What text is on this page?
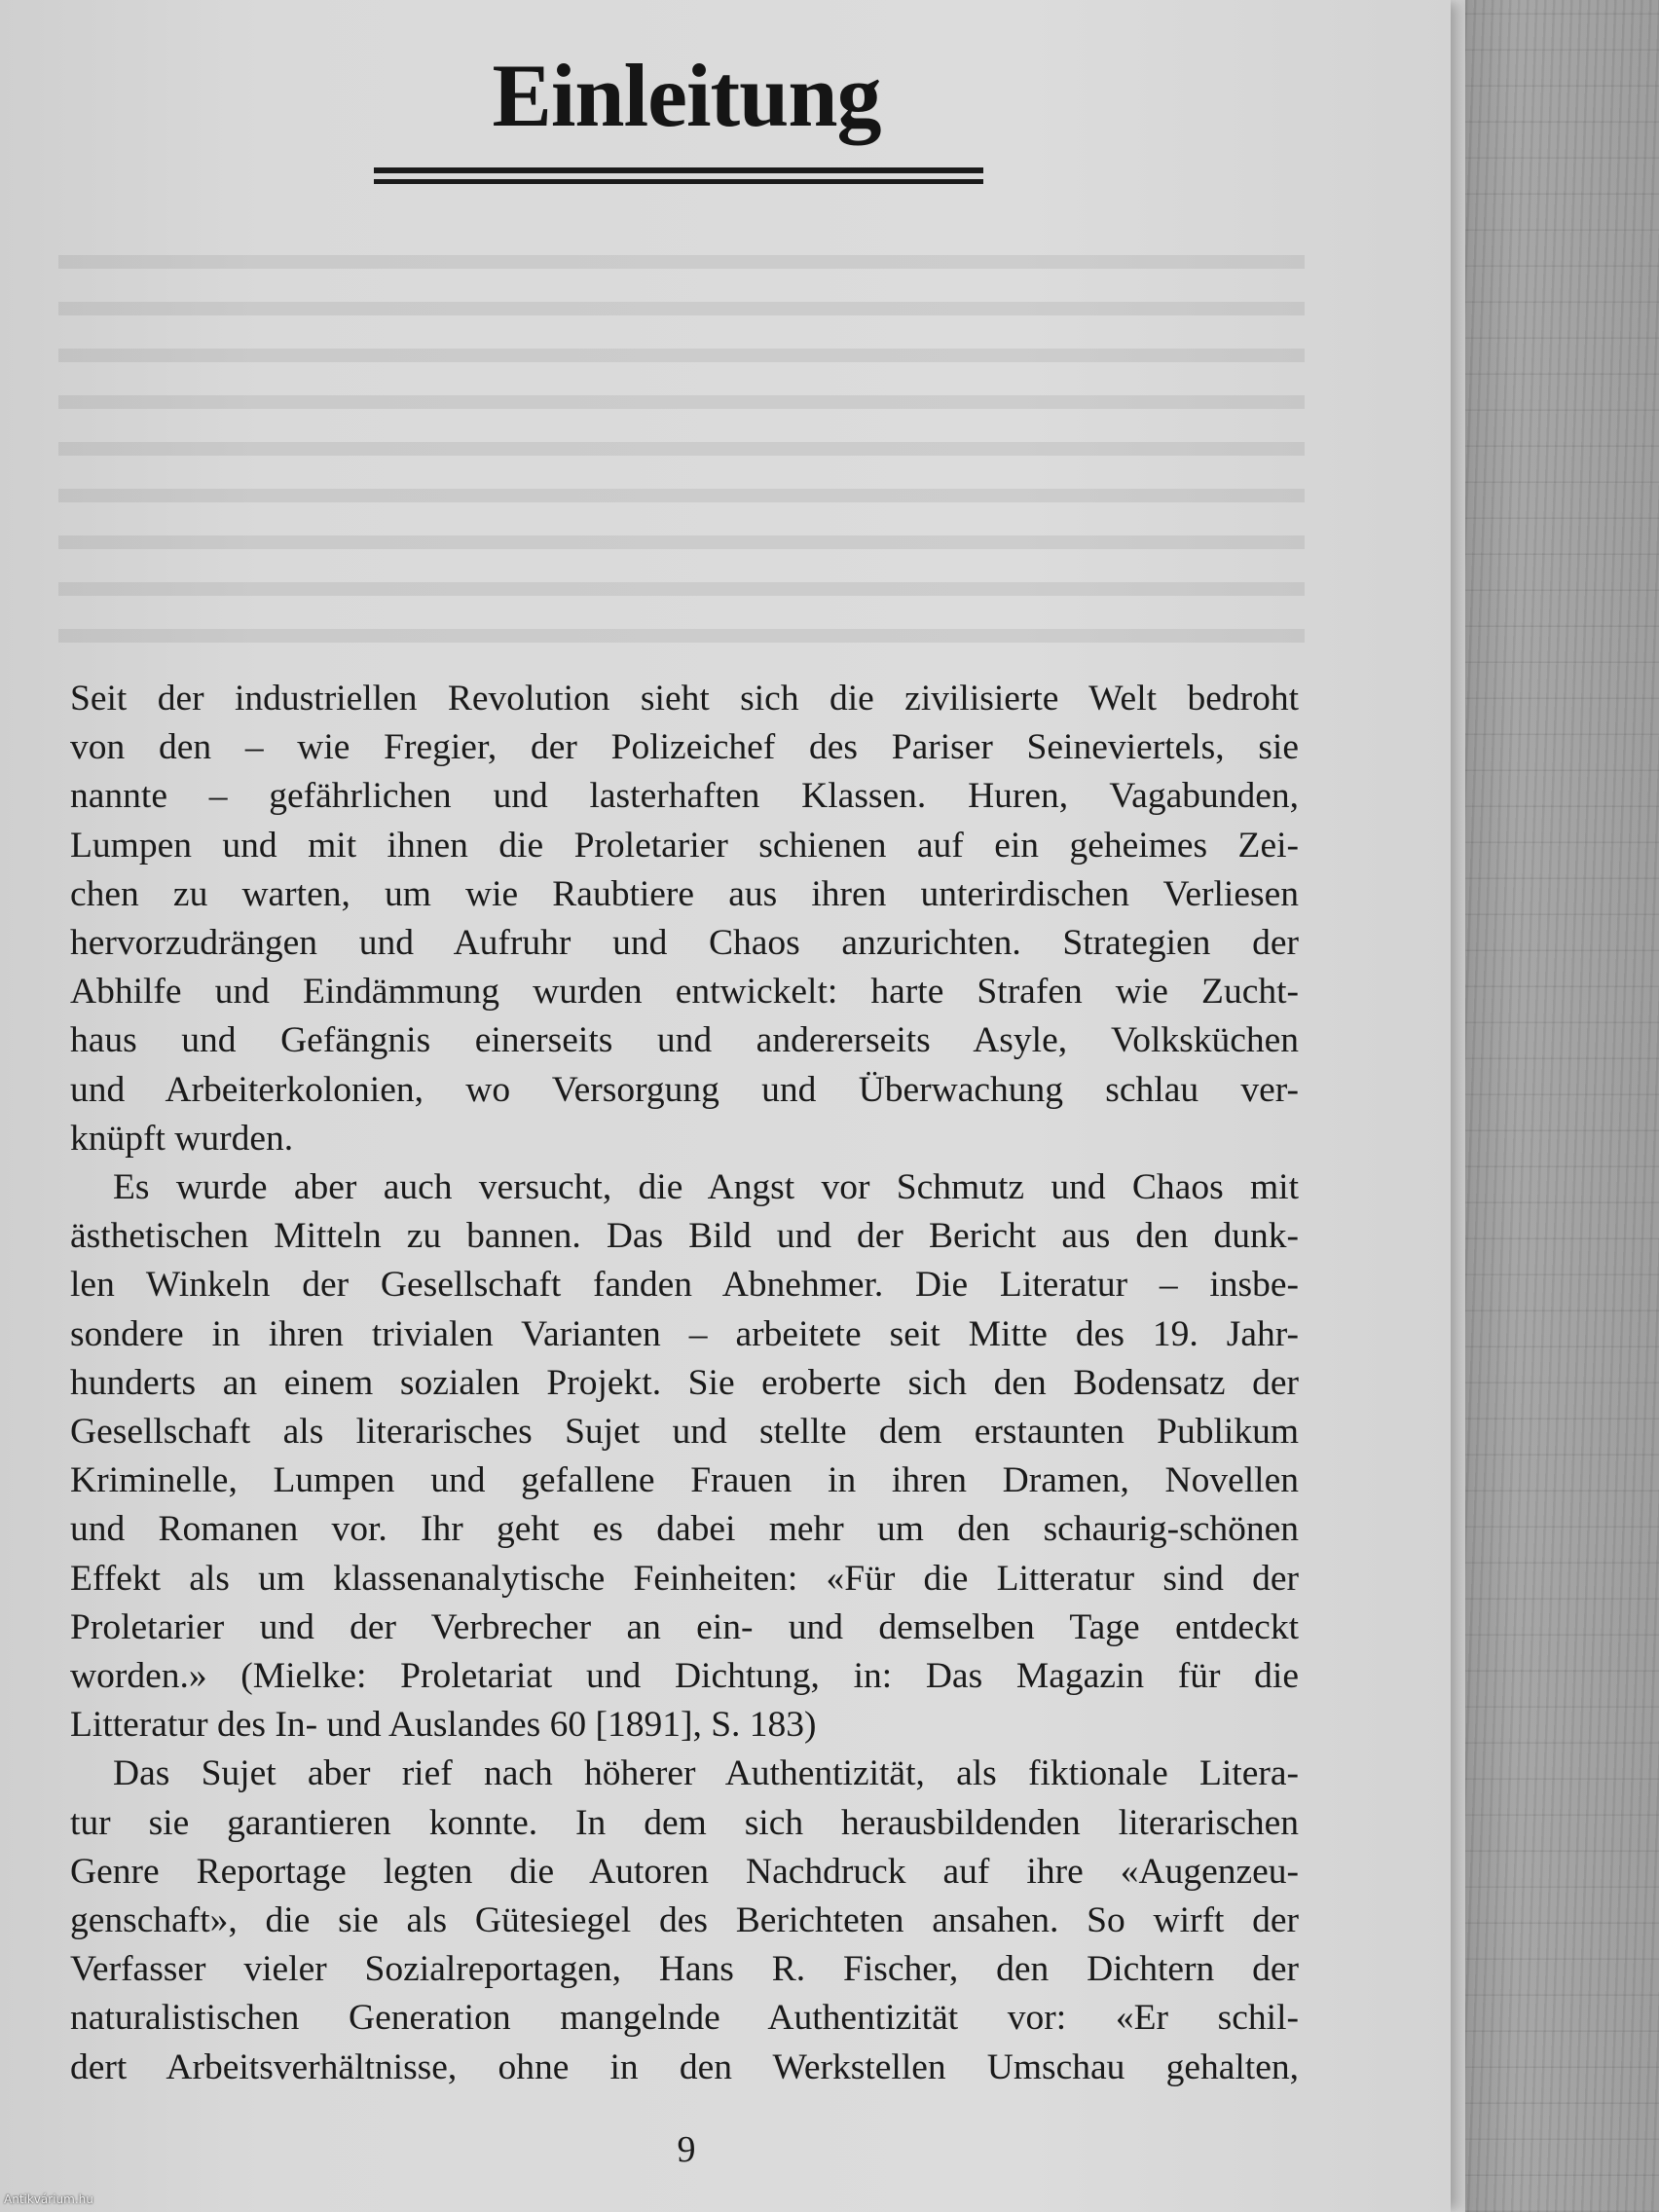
Einleitung
Seit der industriellen Revolution sieht sich die zivilisierte Welt bedroht
von den – wie Fregier, der Polizeichef des Pariser Seineviertels, sie
nannte – gefährlichen und lasterhaften Klassen. Huren, Vagabunden,
Lumpen und mit ihnen die Proletarier schienen auf ein geheimes Zei-
chen zu warten, um wie Raubtiere aus ihren unterirdischen Verliesen
hervorzudrängen und Aufruhr und Chaos anzurichten. Strategien der
Abhilfe und Eindämmung wurden entwickelt: harte Strafen wie Zucht-
haus und Gefängnis einerseits und andererseits Asyle, Volksküchen
und Arbeiterkolonien, wo Versorgung und Überwachung schlau ver-
knüpft wurden.
Es wurde aber auch versucht, die Angst vor Schmutz und Chaos mit
ästhetischen Mitteln zu bannen. Das Bild und der Bericht aus den dunk-
len Winkeln der Gesellschaft fanden Abnehmer. Die Literatur – insbe-
sondere in ihren trivialen Varianten – arbeitete seit Mitte des 19. Jahr-
hunderts an einem sozialen Projekt. Sie eroberte sich den Bodensatz der
Gesellschaft als literarisches Sujet und stellte dem erstaunten Publikum
Kriminelle, Lumpen und gefallene Frauen in ihren Dramen, Novellen
und Romanen vor. Ihr geht es dabei mehr um den schaurig-schönen
Effekt als um klassenanalytische Feinheiten: «Für die Litteratur sind der
Proletarier und der Verbrecher an ein- und demselben Tage entdeckt
worden.» (Mielke: Proletariat und Dichtung, in: Das Magazin für die
Litteratur des In- und Auslandes 60 [1891], S. 183)
Das Sujet aber rief nach höherer Authentizität, als fiktionale Litera-
tur sie garantieren konnte. In dem sich herausbildenden literarischen
Genre Reportage legten die Autoren Nachdruck auf ihre «Augenzeu-
genschaft», die sie als Gütesiegel des Berichteten ansahen. So wirft der
Verfasser vieler Sozialreportagen, Hans R. Fischer, den Dichtern der
naturalistischen Generation mangelnde Authentizität vor: «Er schil-
dert Arbeitsverhältnisse, ohne in den Werkstellen Umschau gehalten,
9
Antikvárium.hu
